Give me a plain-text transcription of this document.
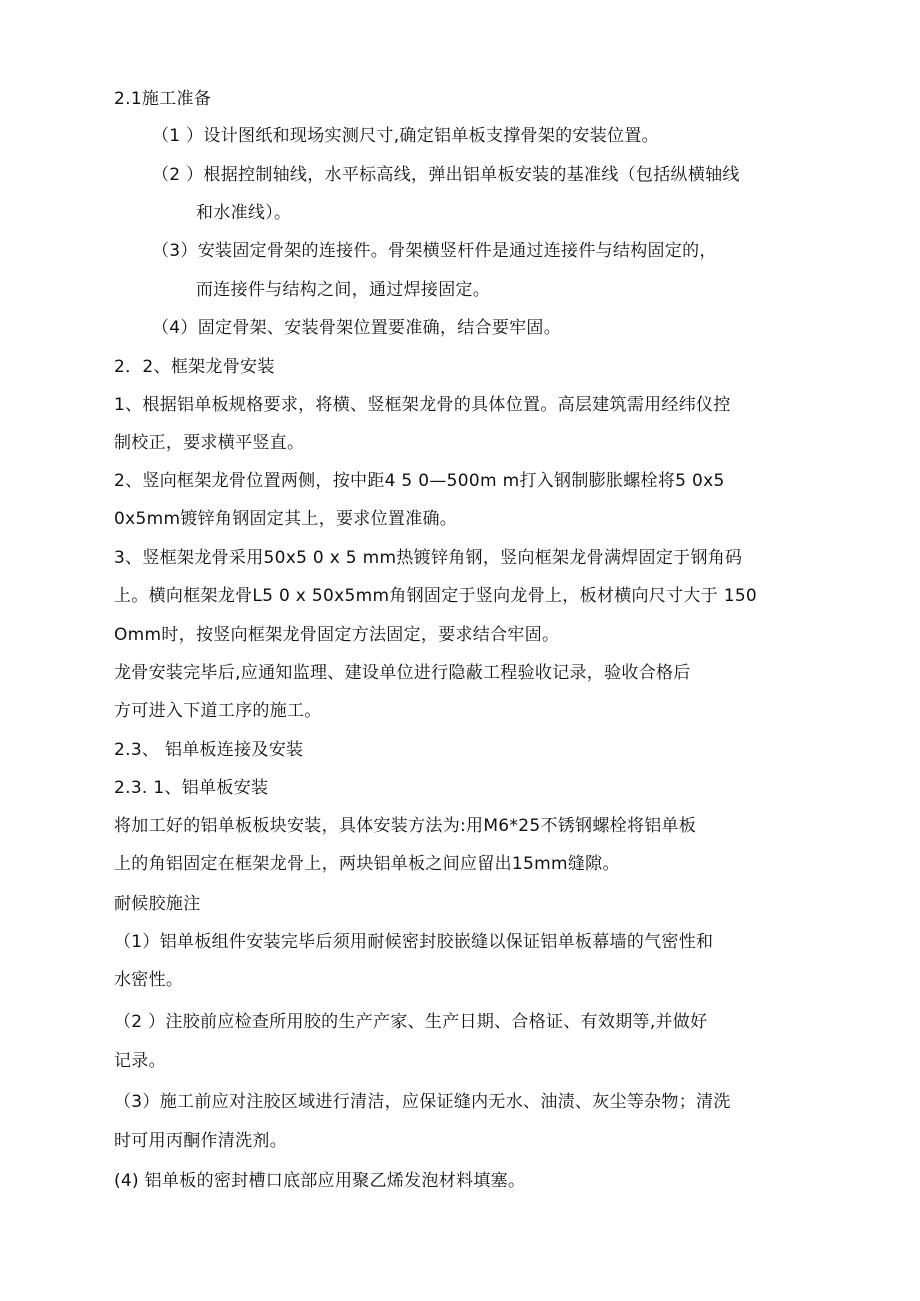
2.1施工准备
（1 ）设计图纸和现场实测尺寸,确定铝单板支撑骨架的安装位置。
（2 ）根据控制轴线，水平标高线，弹出铝单板安装的基准线（包括纵横轴线
和水准线）。
（3）安装固定骨架的连接件。骨架横竖杆件是通过连接件与结构固定的，
而连接件与结构之间，通过焊接固定。
（4）固定骨架、安装骨架位置要准确，结合要牢固。
2．2、框架龙骨安装
1、根据铝单板规格要求，将横、竖框架龙骨的具体位置。高层建筑需用经纬仪控
制校正，要求横平竖直。
2、竖向框架龙骨位置两侧，按中距4 5 0—500m m打入钢制膨胀螺栓将5 0x5
0x5mm镀锌角钢固定其上，要求位置准确。
3、竖框架龙骨采用50x5 0 x 5 mm热镀锌角钢，竖向框架龙骨满焊固定于钢角码
上。横向框架龙骨L5 0 x 50x5mm角钢固定于竖向龙骨上，板材横向尺寸大于 150
Omm时，按竖向框架龙骨固定方法固定，要求结合牢固。
龙骨安装完毕后,应通知监理、建设单位进行隐蔽工程验收记录，验收合格后
方可进入下道工序的施工。
2.3、 铝单板连接及安装
2.3. 1、铝单板安装
将加工好的铝单板板块安装，具体安装方法为:用M6*25不锈钢螺栓将铝单板
上的角铝固定在框架龙骨上，两块铝单板之间应留出15mm缝隙。
耐候胶施注
（1）铝单板组件安装完毕后须用耐候密封胶嵌缝以保证铝单板幕墙的气密性和
水密性。
（2 ）注胶前应检查所用胶的生产产家、生产日期、合格证、有效期等,并做好
记录。
（3）施工前应对注胶区域进行清洁，应保证缝内无水、油渍、灰尘等杂物；清洗
时可用丙酮作清洗剂。
(4) 铝单板的密封槽口底部应用聚乙烯发泡材料填塞。
